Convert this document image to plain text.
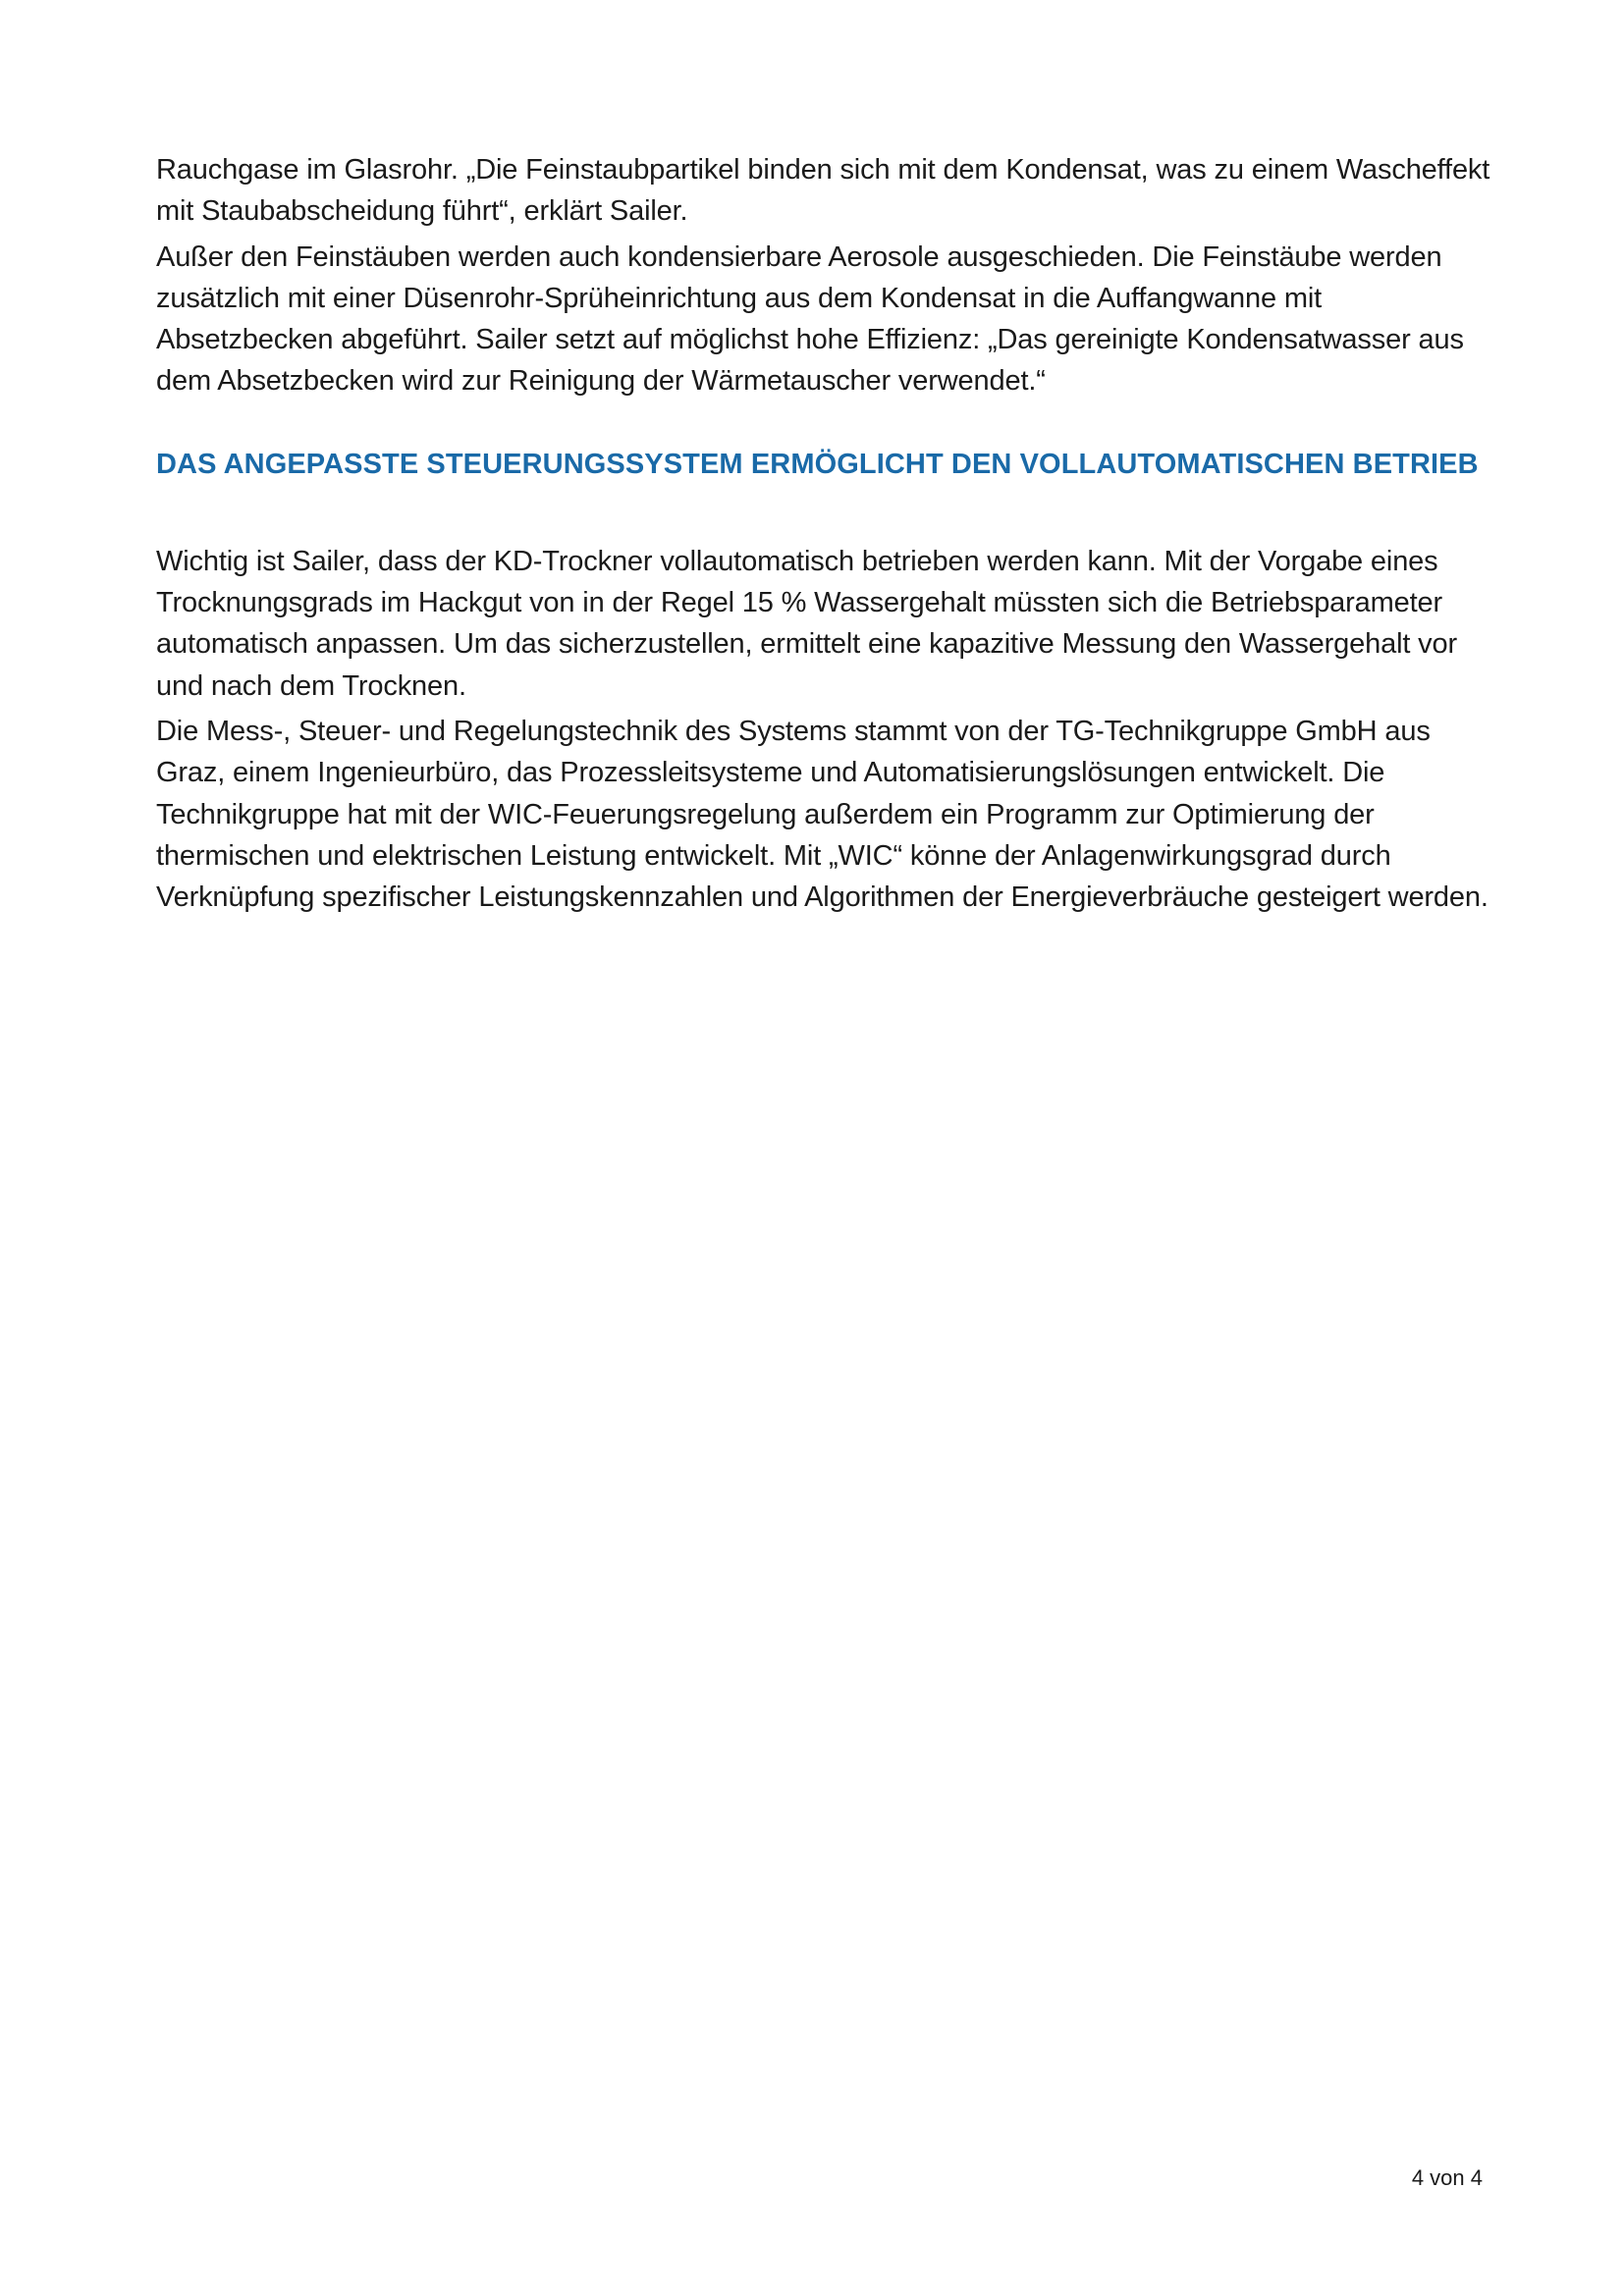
Rauchgase im Glasrohr. „Die Feinstaubpartikel binden sich mit dem Kondensat, was zu einem Wascheffekt mit Staubabscheidung führt“, erklärt Sailer.

Außer den Feinstäuben werden auch kondensierbare Aerosole ausgeschieden. Die Feinstäube werden zusätzlich mit einer Düsenrohr-Sprüheinrichtung aus dem Kondensat in die Auffangwanne mit Absetzbecken abgeführt. Sailer setzt auf möglichst hohe Effizienz: „Das gereinigte Kondensatwasser aus dem Absetzbecken wird zur Reinigung der Wärmetauscher verwendet.“

DAS ANGEPASSTE STEUERUNGSSYSTEM ERMÖGLICHT DEN VOLLAUTOMATISCHEN BETRIEB

Wichtig ist Sailer, dass der KD-Trockner vollautomatisch betrieben werden kann. Mit der Vorgabe eines Trocknungsgrads im Hackgut von in der Regel 15 % Wassergehalt müssten sich die Betriebsparameter automatisch anpassen. Um das sicherzustellen, ermittelt eine kapazitive Messung den Wassergehalt vor und nach dem Trocknen.

Die Mess-, Steuer- und Regelungstechnik des Systems stammt von der TG-Technikgruppe GmbH aus Graz, einem Ingenieurbüro, das Prozessleitsysteme und Automatisierungslösungen entwickelt. Die Technikgruppe hat mit der WIC-Feuerungsregelung außerdem ein Programm zur Optimierung der thermischen und elektrischen Leistung entwickelt. Mit „WIC“ könne der Anlagenwirkungsgrad durch Verknüpfung spezifischer Leistungskennzahlen und Algorithmen der Energieverbräuche gesteigert werden.

4 von 4
